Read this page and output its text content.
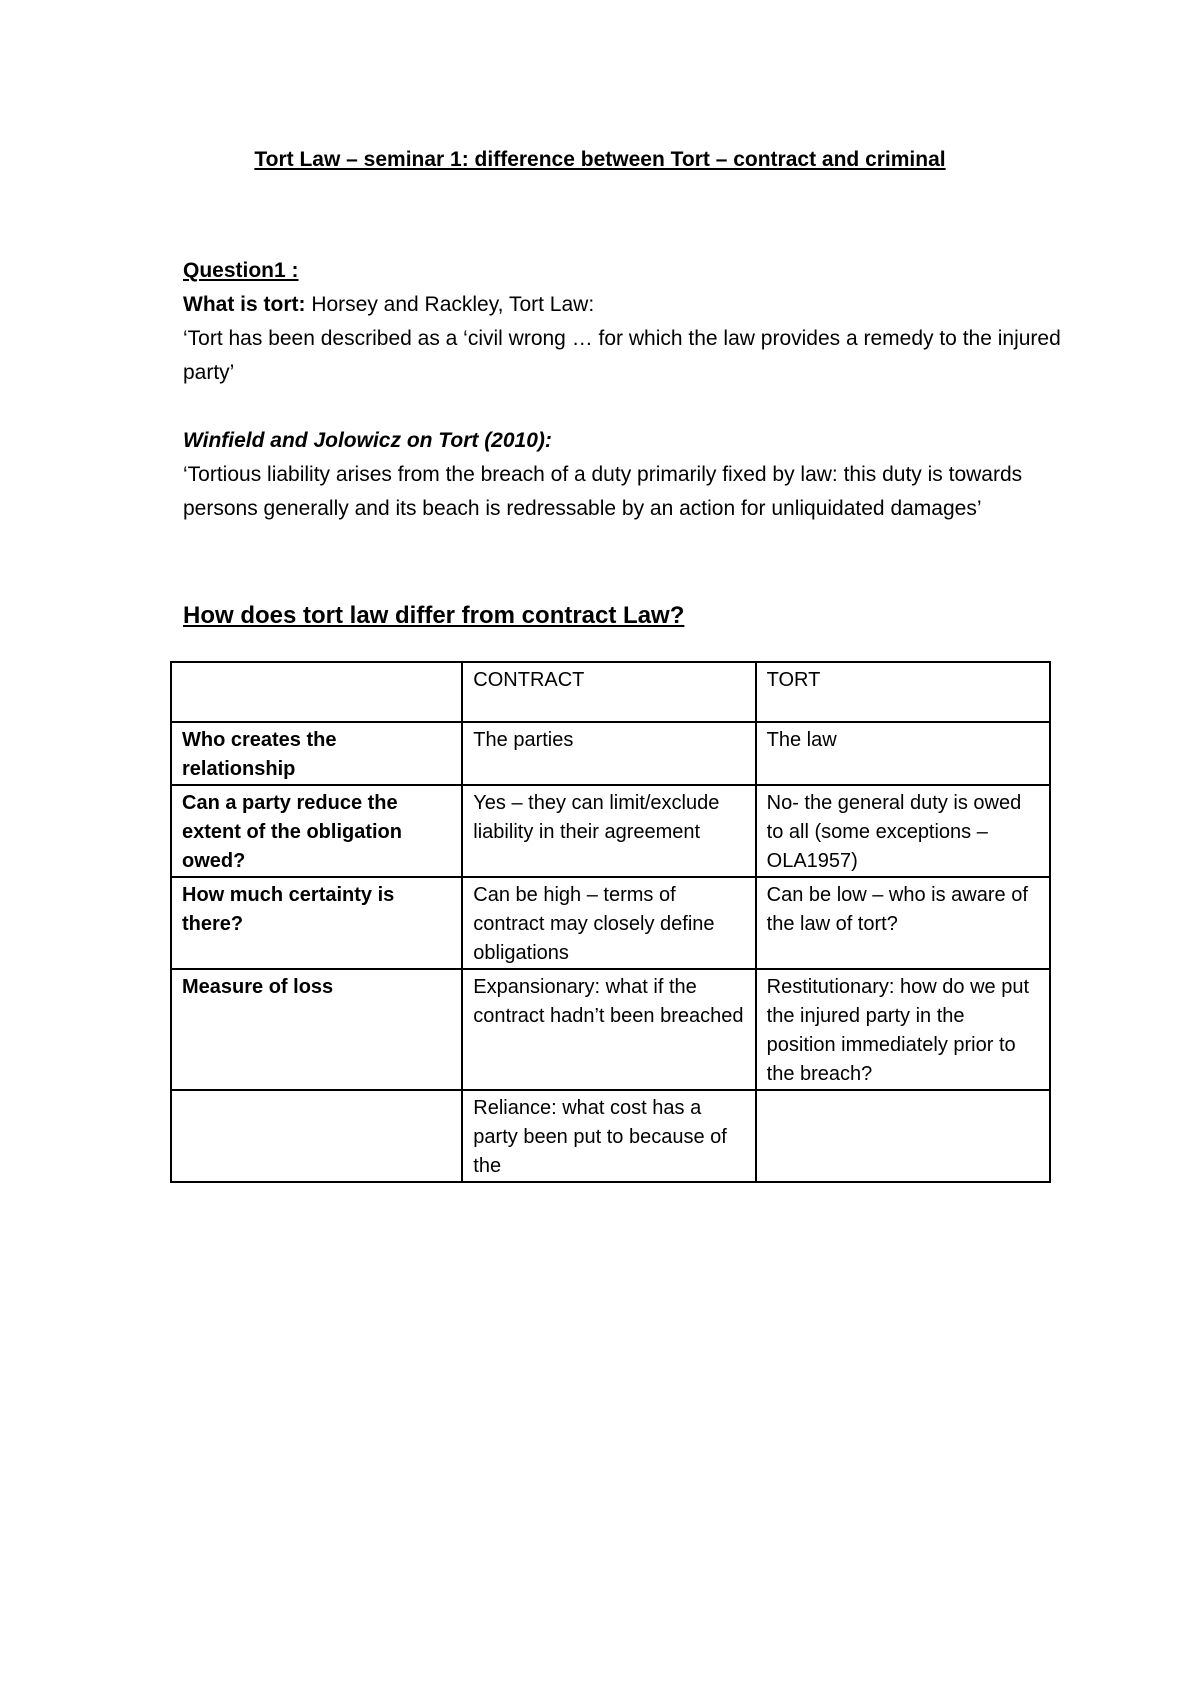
Tort Law – seminar 1: difference between Tort – contract and criminal
Question1 :
What is tort: Horsey and Rackley, Tort Law:
‘Tort has been described as a ‘civil wrong … for which the law provides a remedy to the injured party’
Winfield and Jolowicz on Tort (2010):
‘Tortious liability arises from the breach of a duty primarily fixed by law: this duty is towards persons generally and its beach is redressable by an action for unliquidated damages’
How does tort law differ from contract Law?
	CONTRACT	TORT
Who creates the relationship	The parties	The law
Can a party reduce the extent of the obligation owed?	Yes – they can limit/exclude liability in their agreement	No- the general duty is owed to all (some exceptions – OLA1957)
How much certainty is there?	Can be high – terms of contract may closely define obligations	Can be low – who is aware of the law of tort?
Measure of loss	Expansionary: what if the contract hadn’t been breached	Restitutionary: how do we put the injured party in the position immediately prior to the breach?
	Reliance: what cost has a party been put to because of the	
